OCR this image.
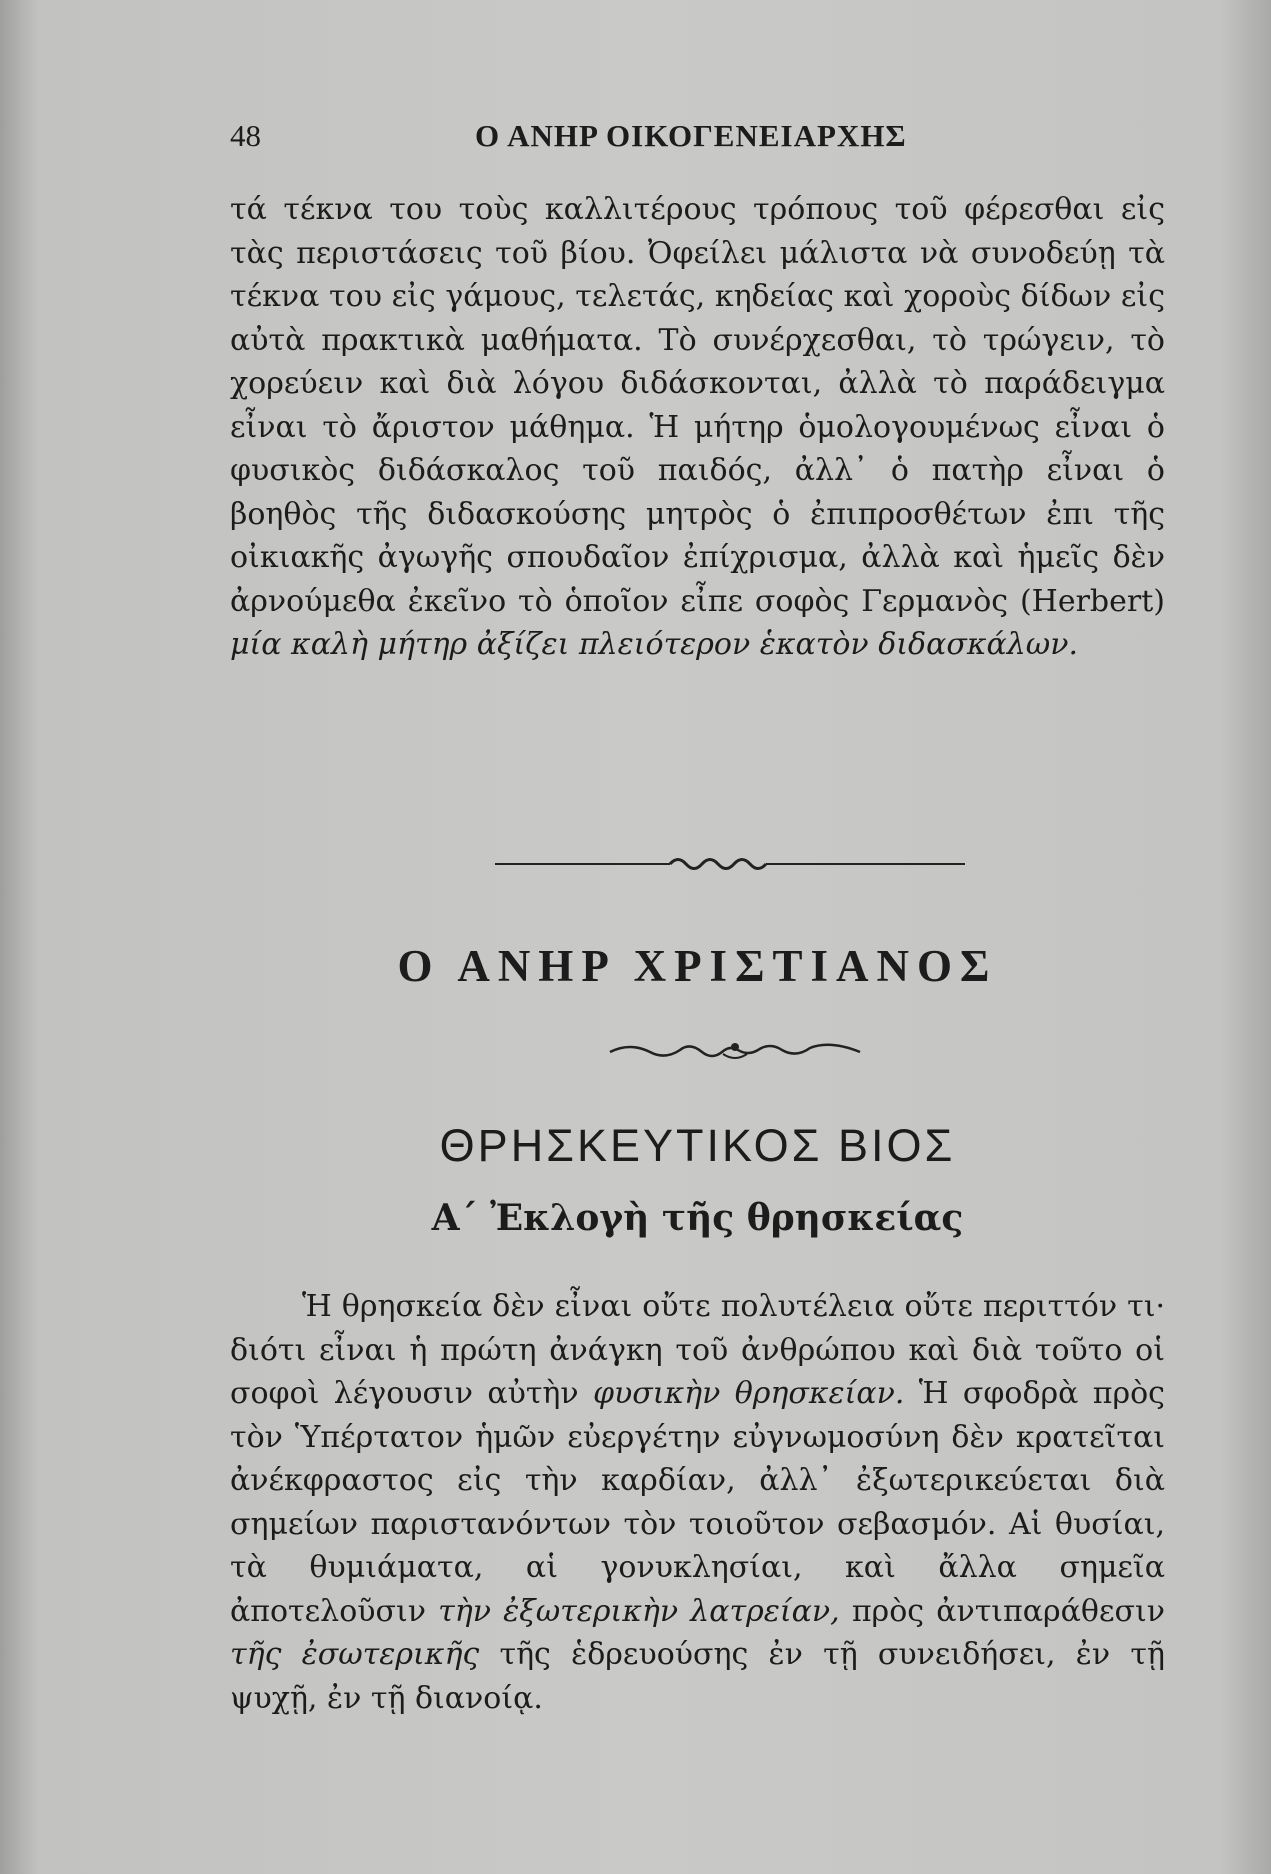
48	Ο ΑΝΗΡ ΟΙΚΟΓΕΝΕΙΑΡΧΗΣ

τά τέκνα του τοὺς καλλιτέρους τρόπους τοῦ φέρεσθαι εἰς τὰς περιστάσεις τοῦ βίου. Ὀφείλει μάλιστα νὰ συνοδεύῃ τὰ τέκνα του εἰς γάμους, τελετάς, κηδείας καὶ χοροὺς δίδων εἰς αὐτὰ πρακτικὰ μαθήματα. Τὸ συνέρχεσθαι, τὸ τρώγειν, τὸ χορεύειν καὶ διὰ λόγου διδάσκονται, ἀλλὰ τὸ παράδειγμα εἶναι τὸ ἄριστον μάθημα. Ἡ μήτηρ ὁμολογουμένως εἶναι ὁ φυσικὸς διδάσκαλος τοῦ παιδός, ἀλλ᾽ ὁ πατὴρ εἶναι ὁ βοηθὸς τῆς διδασκούσης μητρὸς ὁ ἐπιπροσθέτων ἐπι τῆς οἰκιακῆς ἀγωγῆς σπουδαῖον ἐπίχρισμα, ἀλλὰ καὶ ἡμεῖς δὲν ἀρνούμεθα ἐκεῖνο τὸ ὁποῖον εἶπε σοφὸς Γερμανὸς (Herbert) μία καλὴ μήτηρ ἀξίζει πλειότερον ἑκατὸν διδασκάλων.

Ο ΑΝΗΡ ΧΡΙΣΤΙΑΝΟΣ
ΘΡΗΣΚΕΥΤΙΚΟΣ ΒΙΟΣ
Α΄ Ἐκλογὴ τῆς θρησκείας

Ἡ θρησκεία δὲν εἶναι οὔτε πολυτέλεια οὔτε περιττόν τι· διότι εἶναι ἡ πρώτη ἀνάγκη τοῦ ἀνθρώπου καὶ διὰ τοῦτο οἱ σοφοὶ λέγουσιν αὐτὴν φυσικὴν θρησκείαν. Ἡ σφοδρὰ πρὸς τὸν Ὑπέρτατον ἡμῶν εὐεργέτην εὐγνωμοσύνη δὲν κρατεῖται ἀνέκφραστος εἰς τὴν καρδίαν, ἀλλ᾽ ἐξωτερικεύεται διὰ σημείων παριστανόντων τὸν τοιοῦτον σεβασμόν. Αἱ θυσίαι, τὰ θυμιάματα, αἱ γονυκλησίαι, καὶ ἄλλα σημεῖα ἀποτελοῦσιν τὴν ἐξωτερικὴν λατρείαν, πρὸς ἀντιπαράθεσιν τῆς ἐσωτερικῆς τῆς ἑδρευούσης ἐν τῇ συνειδήσει, ἐν τῇ ψυχῇ, ἐν τῇ διανοίᾳ.
